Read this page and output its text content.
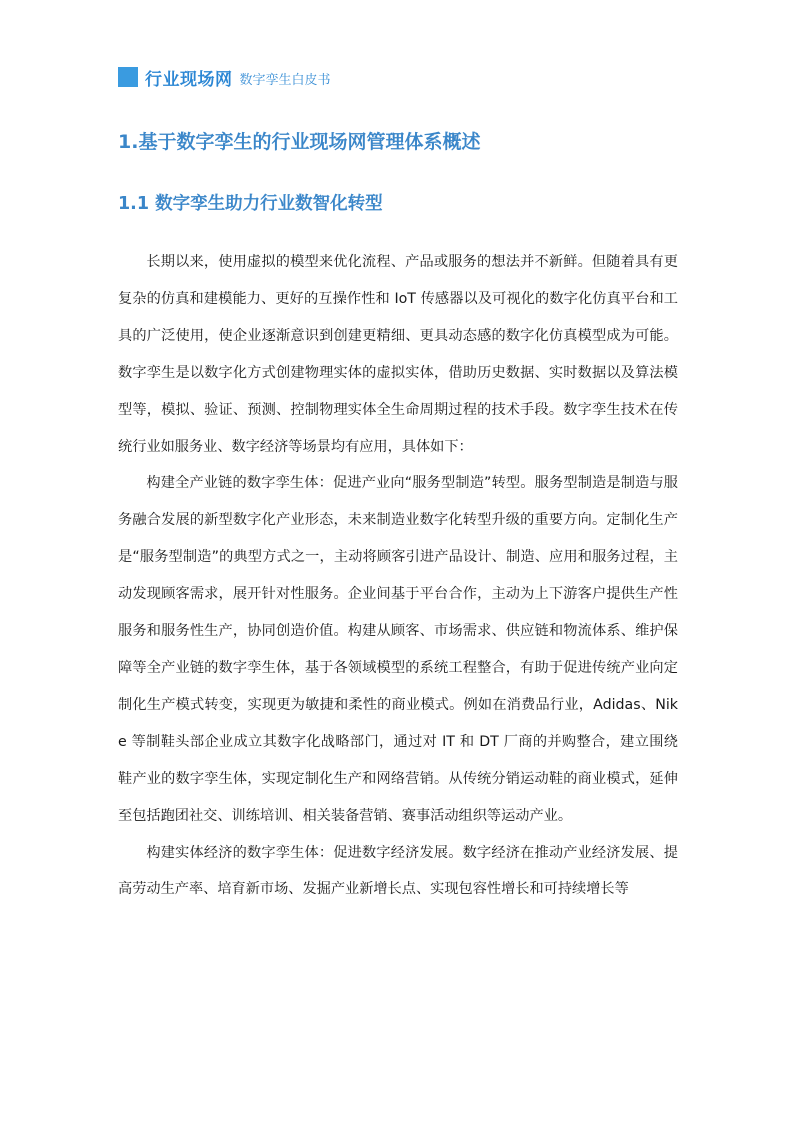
行业现场网 数字孪生白皮书
1.基于数字孪生的行业现场网管理体系概述
1.1 数字孪生助力行业数智化转型

长期以来，使用虚拟的模型来优化流程、产品或服务的想法并不新鲜。但随着具有更复杂的仿真和建模能力、更好的互操作性和 IoT 传感器以及可视化的数字化仿真平台和工具的广泛使用，使企业逐渐意识到创建更精细、更具动态感的数字化仿真模型成为可能。数字孪生是以数字化方式创建物理实体的虚拟实体，借助历史数据、实时数据以及算法模型等，模拟、验证、预测、控制物理实体全生命周期过程的技术手段。数字孪生技术在传统行业如服务业、数字经济等场景均有应用，具体如下：

构建全产业链的数字孪生体：促进产业向“服务型制造”转型。服务型制造是制造与服务融合发展的新型数字化产业形态，未来制造业数字化转型升级的重要方向。定制化生产是“服务型制造”的典型方式之一，主动将顾客引进产品设计、制造、应用和服务过程，主动发现顾客需求，展开针对性服务。企业间基于平台合作，主动为上下游客户提供生产性服务和服务性生产，协同创造价值。构建从顾客、市场需求、供应链和物流体系、维护保障等全产业链的数字孪生体，基于各领域模型的系统工程整合，有助于促进传统产业向定制化生产模式转变，实现更为敏捷和柔性的商业模式。例如在消费品行业，Adidas、Nike 等制鞋头部企业成立其数字化战略部门，通过对 IT 和 DT 厂商的并购整合，建立围绕鞋产业的数字孪生体，实现定制化生产和网络营销。从传统分销运动鞋的商业模式，延伸至包括跑团社交、训练培训、相关装备营销、赛事活动组织等运动产业。

构建实体经济的数字孪生体：促进数字经济发展。数字经济在推动产业经济发展、提高劳动生产率、培育新市场、发掘产业新增长点、实现包容性增长和可持续增长等
